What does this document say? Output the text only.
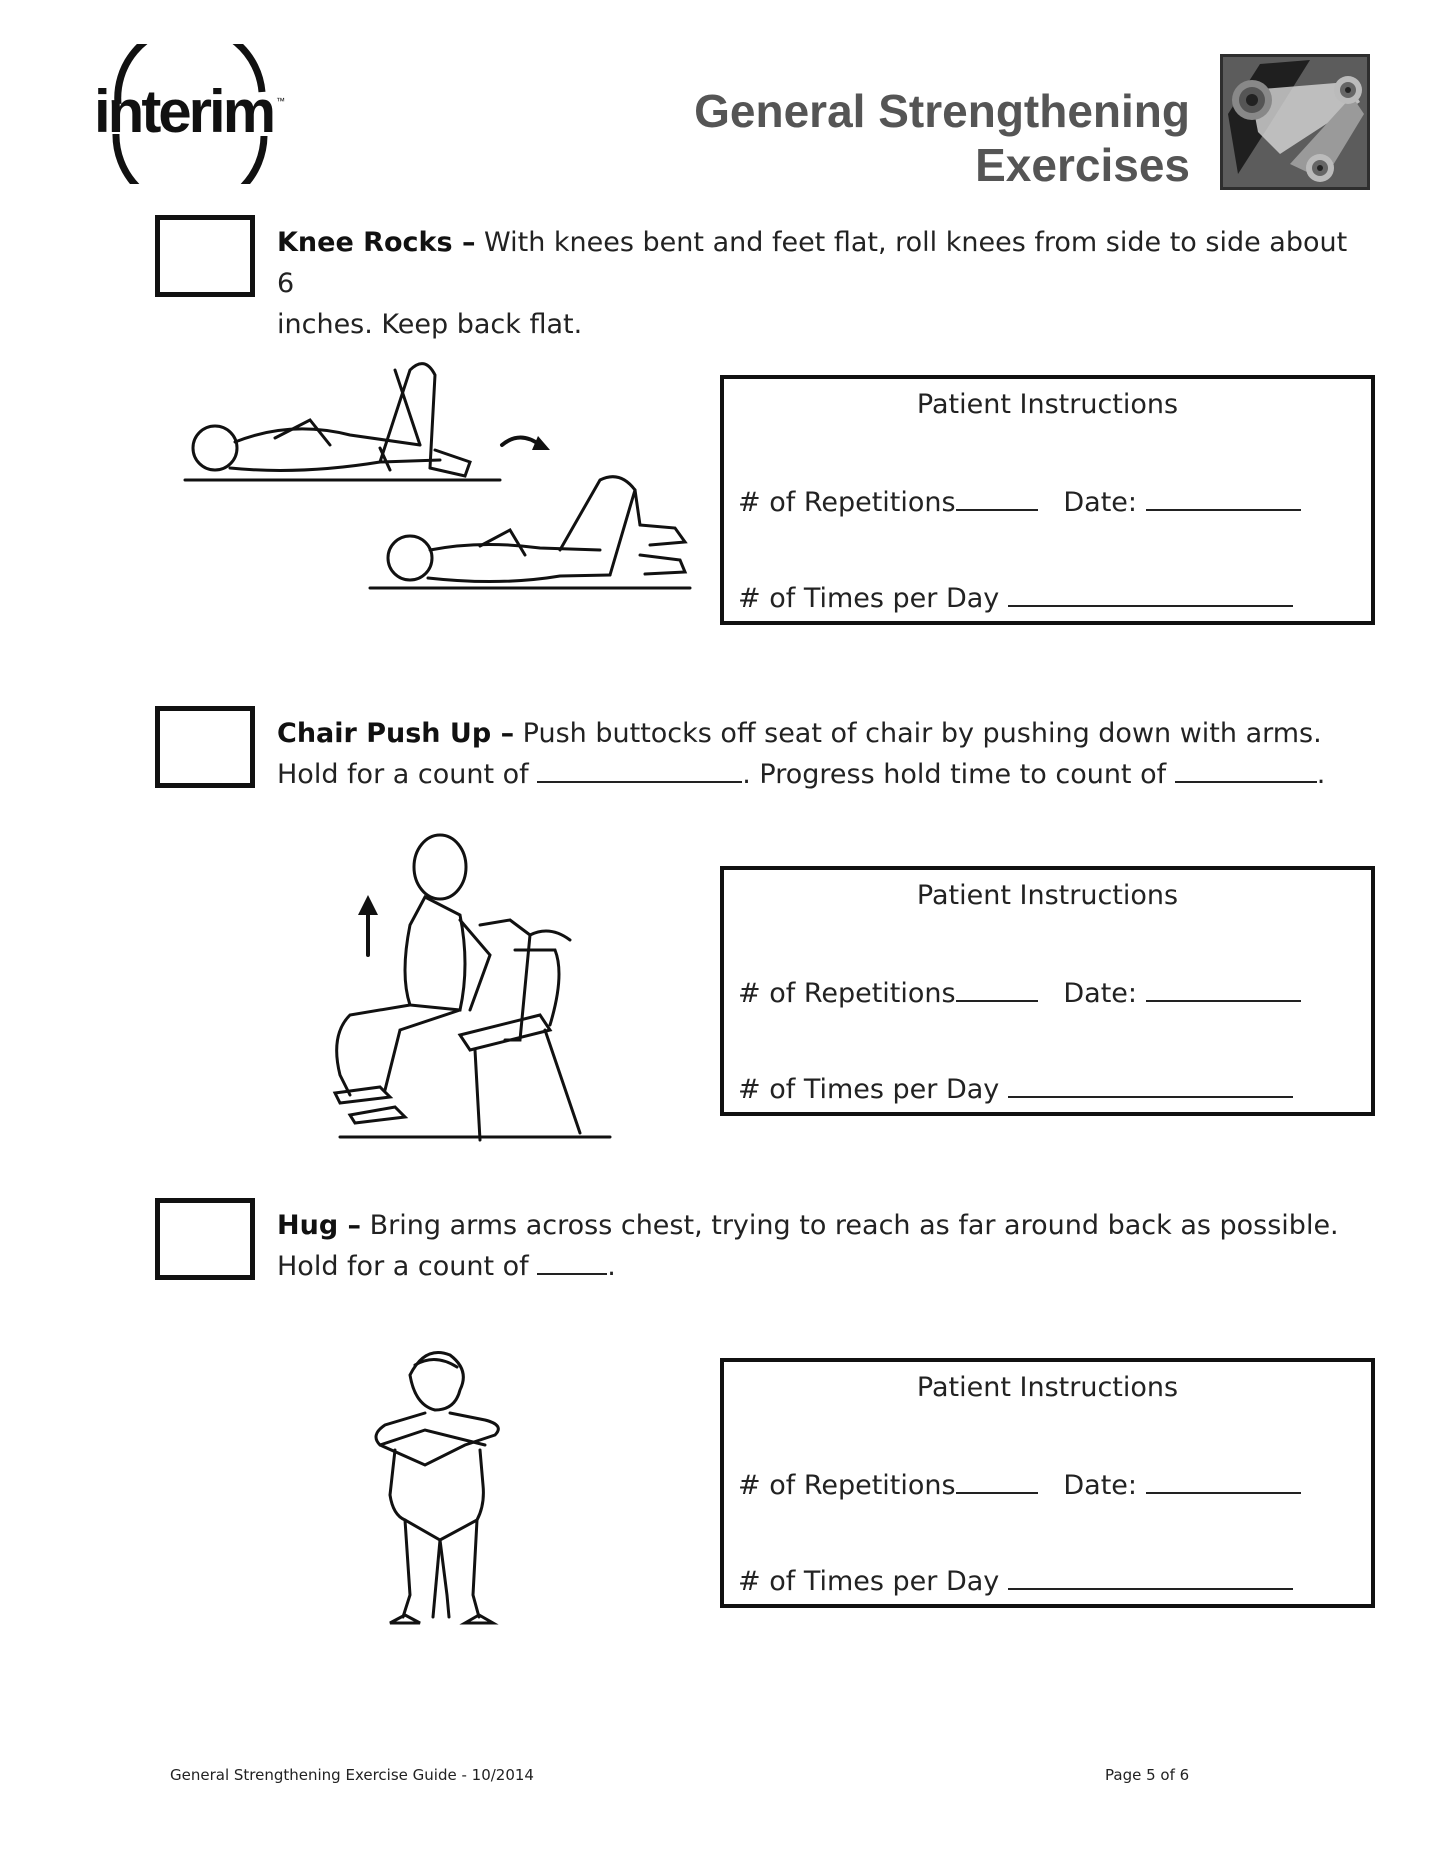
interim ™	General Strengthening
Exercises
Knee Rocks – With knees bent and feet flat, roll knees from side to side about 6
inches. Keep back flat.
Patient Instructions
# of Repetitions	Date:
# of Times per Day
Chair Push Up – Push buttocks off seat of chair by pushing down with arms.
Hold for a count of	. Progress hold time to count of	.
Patient Instructions
# of Repetitions	Date:
# of Times per Day
Hug – Bring arms across chest, trying to reach as far around back as possible.
Hold for a count of	.
Patient Instructions
# of Repetitions	Date:
# of Times per Day
General Strengthening Exercise Guide - 10/2014	Page 5 of 6
